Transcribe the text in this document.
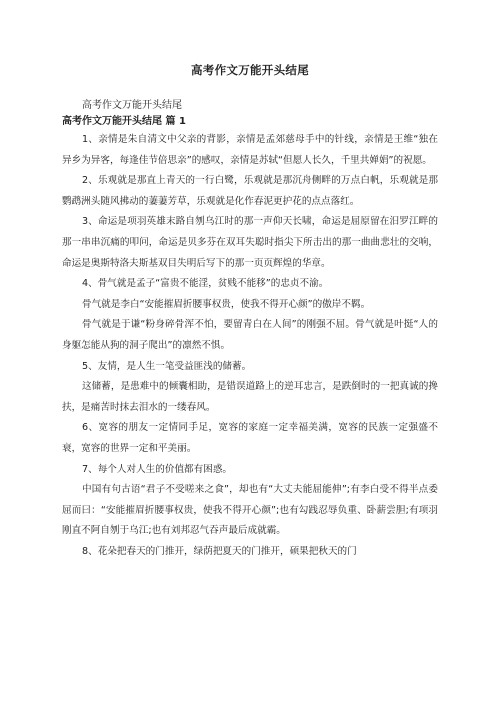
高考作文万能开头结尾

高考作文万能开头结尾

高考作文万能开头结尾 篇 1

1、亲情是朱自清文中父亲的背影，亲情是孟郊慈母手中的针线，亲情是王维“独在异乡为异客，每逢佳节倍思亲”的感叹，亲情是苏轼“但愿人长久，千里共婵娟”的祝愿。

2、乐观就是那直上青天的一行白鹭，乐观就是那沉舟侧畔的万点白帆，乐观就是那鹦鹉洲头随风拂动的萋萋芳草，乐观就是化作春泥更护花的点点落红。

3、命运是项羽英雄末路自刎乌江时的那一声仰天长啸，命运是屈原留在汨罗江畔的那一串串沉痛的叩问，命运是贝多芬在双耳失聪时指尖下所击出的那一曲曲悲壮的交响，命运是奥斯特洛夫斯基双目失明后写下的那一页页辉煌的华章。

4、骨气就是孟子“富贵不能淫，贫贱不能移”的忠贞不渝。

骨气就是李白“安能摧眉折腰事权贵，使我不得开心颜”的傲岸不羁。

骨气就是于谦“粉身碎骨浑不怕，要留青白在人间”的刚强不屈。骨气就是叶挺“人的身躯怎能从狗的洞子爬出”的凛然不惧。

5、友情，是人生一笔受益匪浅的储蓄。

这储蓄，是患难中的倾囊相助，是错误道路上的逆耳忠言，是跌倒时的一把真诚的搀扶，是痛苦时抹去泪水的一缕春风。

6、宽容的朋友一定情同手足，宽容的家庭一定幸福美满，宽容的民族一定强盛不衰，宽容的世界一定和平美丽。

7、每个人对人生的价值都有困惑。

中国有句古语“君子不受嗟来之食”，却也有“大丈夫能屈能伸”;有李白受不得半点委屈而曰：“安能摧眉折腰事权贵，使我不得开心颜”;也有勾践忍辱负重、卧薪尝胆;有项羽刚直不阿自刎于乌江;也有刘邦忍气吞声最后成就霸。

8、花朵把春天的门推开，绿荫把夏天的门推开，硕果把秋天的门
